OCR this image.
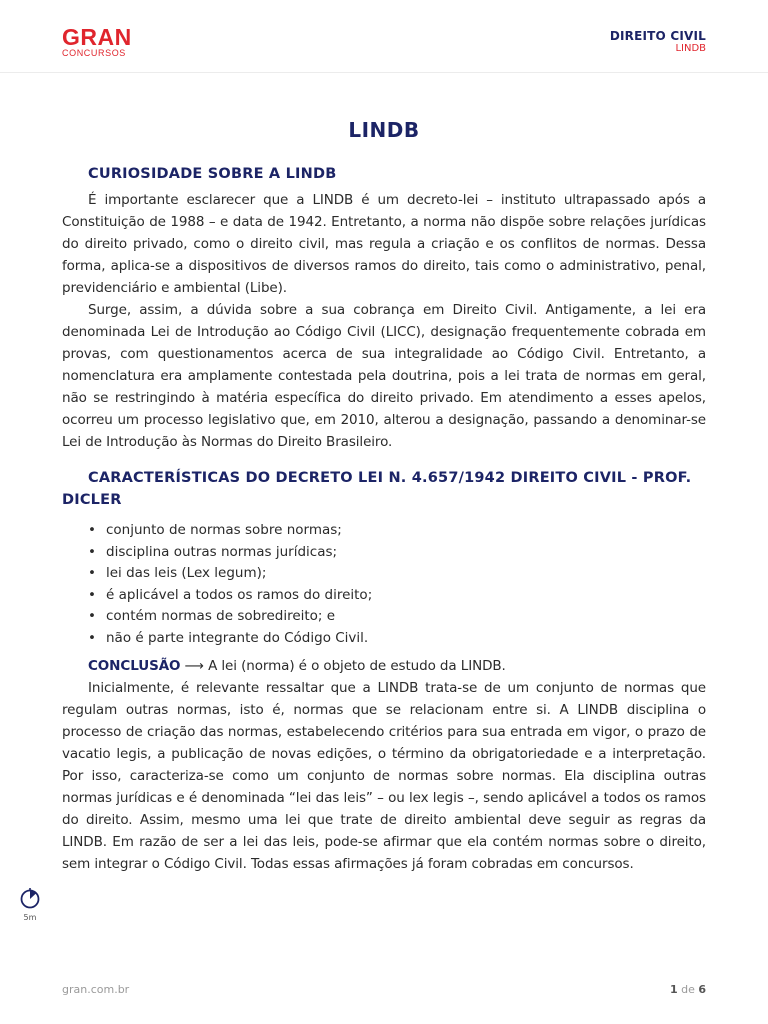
GRAN
CONCURSOS
DIREITO CIVIL
LINDB
LINDB
CURIOSIDADE SOBRE A LINDB

É importante esclarecer que a LINDB é um decreto-lei – instituto ultrapassado após a Constituição de 1988 – e data de 1942. Entretanto, a norma não dispõe sobre relações jurídicas do direito privado, como o direito civil, mas regula a criação e os conflitos de normas. Dessa forma, aplica-se a dispositivos de diversos ramos do direito, tais como o administrativo, penal, previdenciário e ambiental (Libe).

Surge, assim, a dúvida sobre a sua cobrança em Direito Civil. Antigamente, a lei era denominada Lei de Introdução ao Código Civil (LICC), designação frequentemente cobrada em provas, com questionamentos acerca de sua integralidade ao Código Civil. Entretanto, a nomenclatura era amplamente contestada pela doutrina, pois a lei trata de normas em geral, não se restringindo à matéria específica do direito privado. Em atendimento a esses apelos, ocorreu um processo legislativo que, em 2010, alterou a designação, passando a denominar-se Lei de Introdução às Normas do Direito Brasileiro.

CARACTERÍSTICAS DO DECRETO LEI N. 4.657/1942 DIREITO CIVIL - PROF. DICLER
• conjunto de normas sobre normas;
• disciplina outras normas jurídicas;
• lei das leis (Lex legum);
• é aplicável a todos os ramos do direito;
• contém normas de sobredireito; e
• não é parte integrante do Código Civil.

CONCLUSÃO ⟶ A lei (norma) é o objeto de estudo da LINDB.

Inicialmente, é relevante ressaltar que a LINDB trata-se de um conjunto de normas que regulam outras normas, isto é, normas que se relacionam entre si. A LINDB disciplina o processo de criação das normas, estabelecendo critérios para sua entrada em vigor, o prazo de vacatio legis, a publicação de novas edições, o término da obrigatoriedade e a interpretação. Por isso, caracteriza-se como um conjunto de normas sobre normas. Ela disciplina outras normas jurídicas e é denominada “lei das leis” – ou lex legis –, sendo aplicável a todos os ramos do direito. Assim, mesmo uma lei que trate de direito ambiental deve seguir as regras da LINDB. Em razão de ser a lei das leis, pode-se afirmar que ela contém normas sobre o direito, sem integrar o Código Civil. Todas essas afirmações já foram cobradas em concursos.

5m
gran.com.br	1 de 6
